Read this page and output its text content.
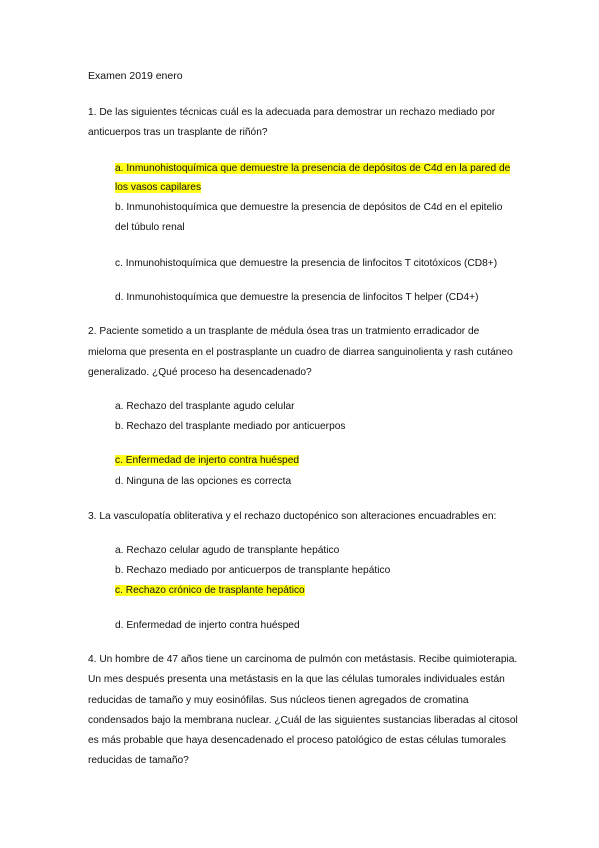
Examen 2019 enero
1. De las siguientes técnicas cuál es la adecuada para demostrar un rechazo mediado por
anticuerpos tras un trasplante de riñón?
a. Inmunohistoquímica que demuestre la presencia de depósitos de C4d en la pared de
los vasos capilares
b. Inmunohistoquímica que demuestre la presencia de depósitos de C4d en el epitelio
del túbulo renal
c. Inmunohistoquímica que demuestre la presencia de linfocitos T citotóxicos (CD8+)
d. Inmunohistoquímica que demuestre la presencia de linfocitos T helper (CD4+)
2. Paciente sometido a un trasplante de médula ósea tras un tratmiento erradicador de
mieloma que presenta en el postrasplante un cuadro de diarrea sanguinolienta y rash cutáneo
generalizado. ¿Qué proceso ha desencadenado?
a. Rechazo del trasplante agudo celular
b. Rechazo del trasplante mediado por anticuerpos
c. Enfermedad de injerto contra huésped
d. Ninguna de las opciones es correcta
3. La vasculopatía obliterativa y el rechazo ductopénico son alteraciones encuadrables en:
a. Rechazo celular agudo de transplante hepático
b. Rechazo mediado por anticuerpos de transplante hepático
c. Rechazo crónico de trasplante hepático
d. Enfermedad de injerto contra huésped
4. Un hombre de 47 años tiene un carcinoma de pulmón con metástasis. Recibe quimioterapia.
Un mes después presenta una metástasis en la que las células tumorales individuales están
reducidas de tamaño y muy eosinófilas. Sus núcleos tienen agregados de cromatina
condensados bajo la membrana nuclear. ¿Cuál de las siguientes sustancias liberadas al citosol
es más probable que haya desencadenado el proceso patológico de estas células tumorales
reducidas de tamaño?
